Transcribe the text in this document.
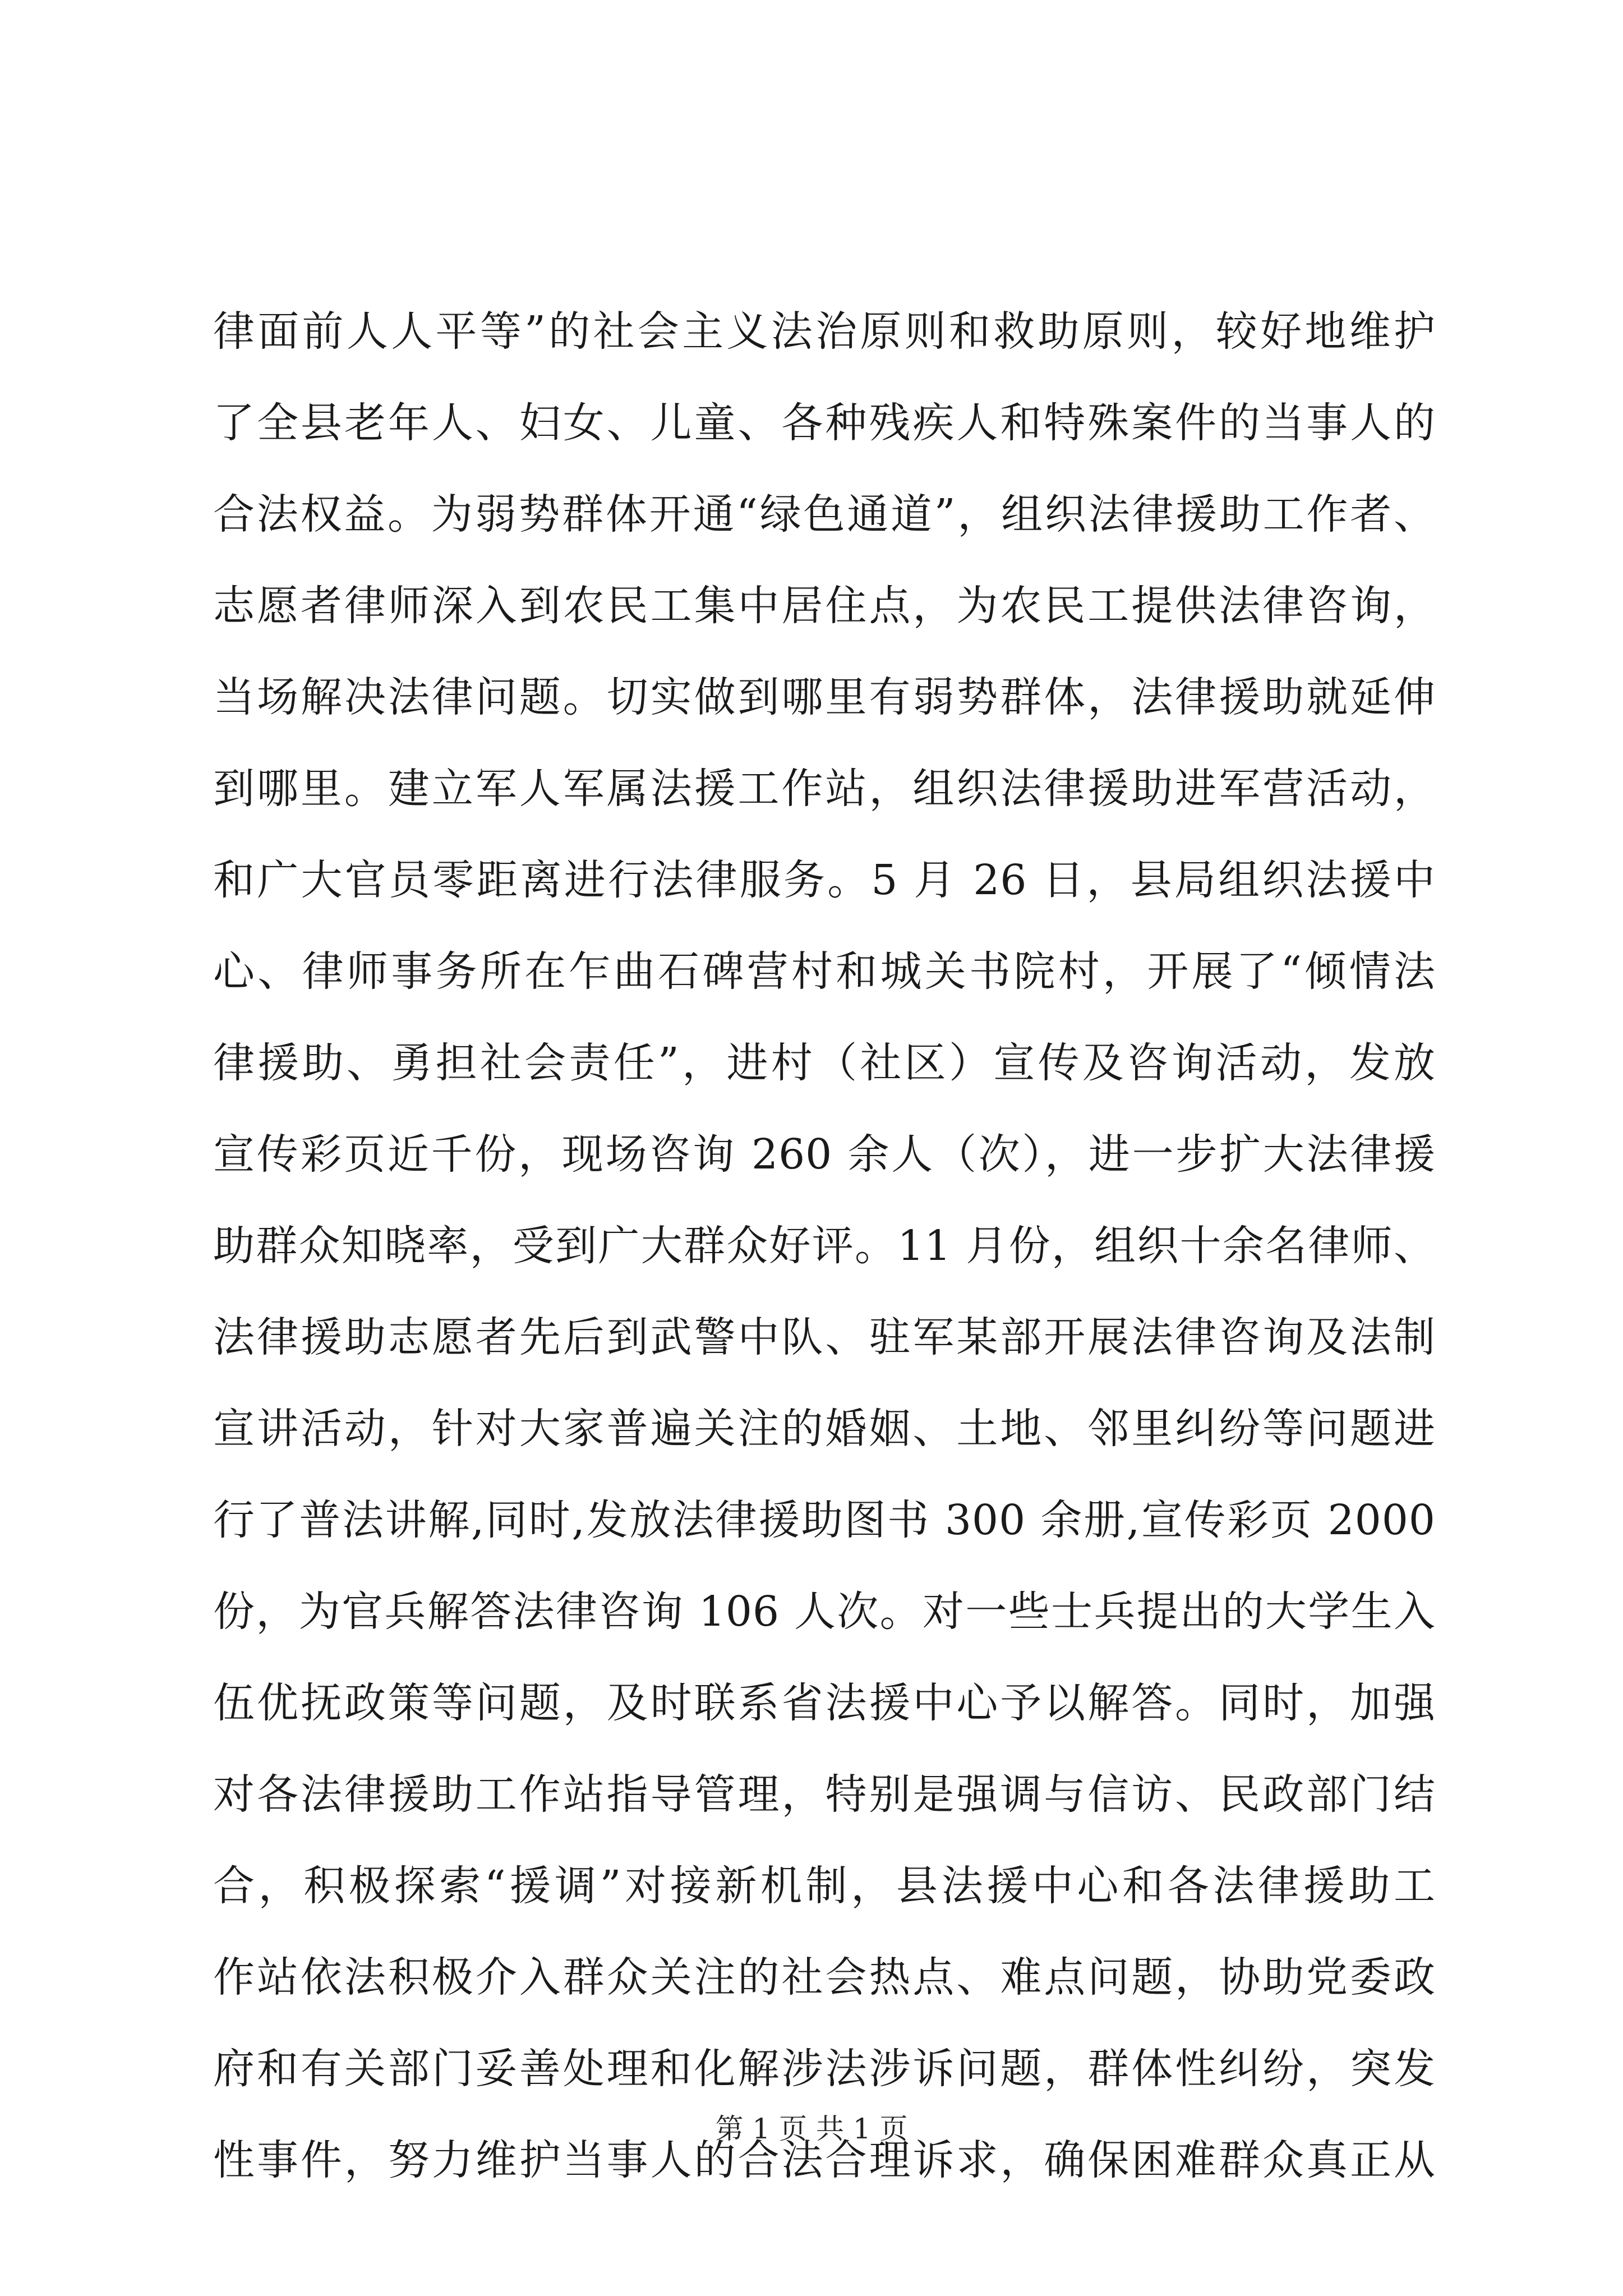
律面前人人平等”的社会主义法治原则和救助原则，较好地维护
了全县老年人、妇女、儿童、各种残疾人和特殊案件的当事人的
合法权益。为弱势群体开通“绿色通道”，组织法律援助工作者、
志愿者律师深入到农民工集中居住点，为农民工提供法律咨询，
当场解决法律问题。切实做到哪里有弱势群体，法律援助就延伸
到哪里。建立军人军属法援工作站，组织法律援助进军营活动，
和广大官员零距离进行法律服务。5 月 26 日，县局组织法援中
心、律师事务所在乍曲石碑营村和城关书院村，开展了“倾情法
律援助、勇担社会责任”，进村（社区）宣传及咨询活动，发放
宣传彩页近千份，现场咨询 260 余人（次），进一步扩大法律援
助群众知晓率，受到广大群众好评。11 月份，组织十余名律师、
法律援助志愿者先后到武警中队、驻军某部开展法律咨询及法制
宣讲活动，针对大家普遍关注的婚姻、土地、邻里纠纷等问题进
行了普法讲解,同时,发放法律援助图书 300 余册,宣传彩页 2000
份，为官兵解答法律咨询 106 人次。对一些士兵提出的大学生入
伍优抚政策等问题，及时联系省法援中心予以解答。同时，加强
对各法律援助工作站指导管理，特别是强调与信访、民政部门结
合，积极探索“援调”对接新机制，县法援中心和各法律援助工
作站依法积极介入群众关注的社会热点、难点问题，协助党委政
府和有关部门妥善处理和化解涉法涉诉问题，群体性纠纷，突发
性事件，努力维护当事人的合法合理诉求，确保困难群众真正从
第 1 页 共 1 页
